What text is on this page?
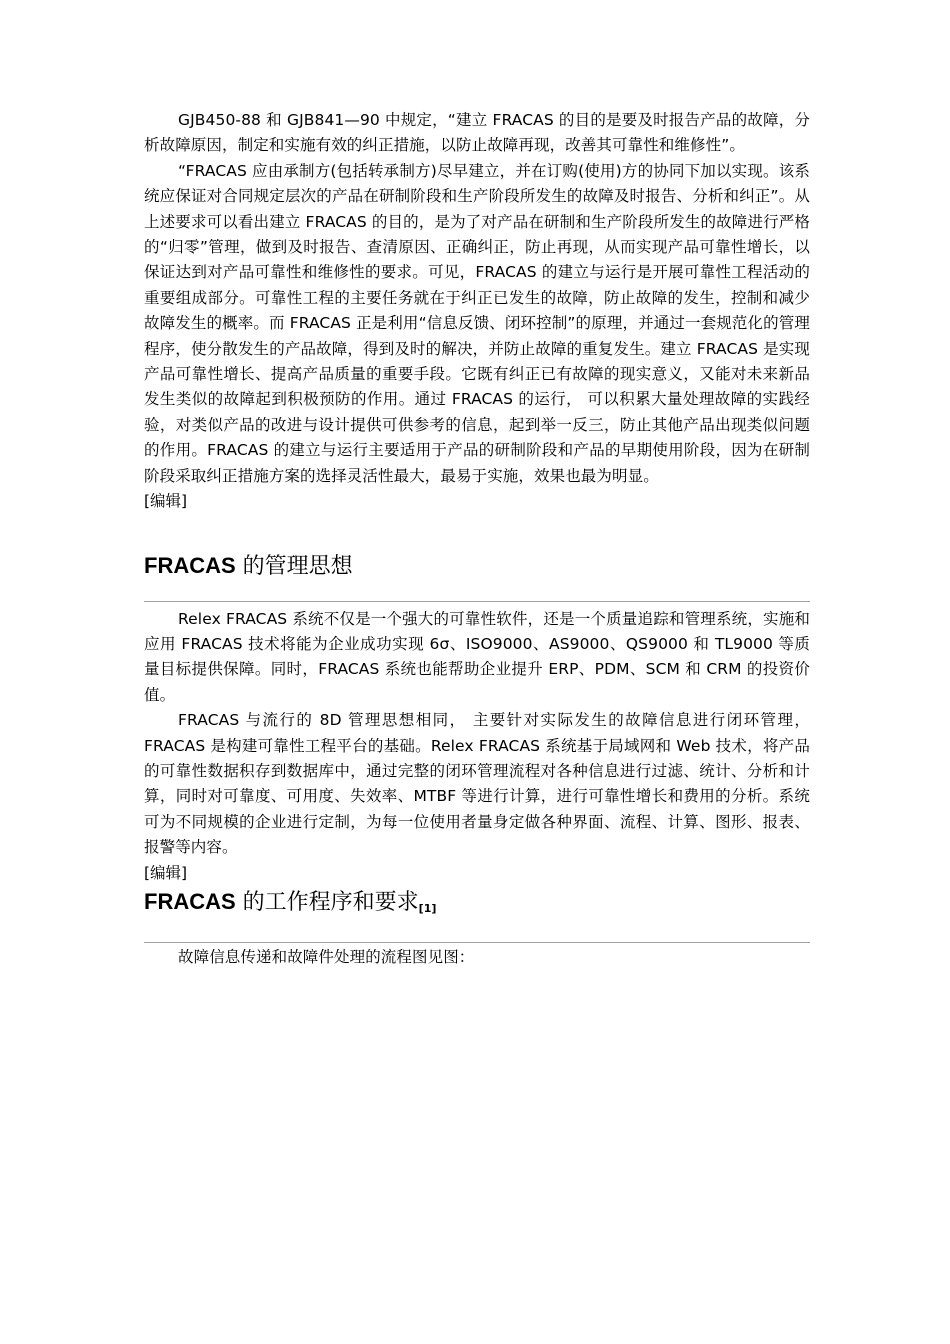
GJB450-88 和 GJB841—90 中规定，“建立 FRACAS 的目的是要及时报告产品的故障，分析故障原因，制定和实施有效的纠正措施，以防止故障再现，改善其可靠性和维修性”。

“FRACAS 应由承制方(包括转承制方)尽早建立，并在订购(使用)方的协同下加以实现。该系统应保证对合同规定层次的产品在研制阶段和生产阶段所发生的故障及时报告、分析和纠正”。从上述要求可以看出建立 FRACAS 的目的，是为了对产品在研制和生产阶段所发生的故障进行严格的“归零”管理，做到及时报告、查清原因、正确纠正，防止再现，从而实现产品可靠性增长，以保证达到对产品可靠性和维修性的要求。可见，FRACAS 的建立与运行是开展可靠性工程活动的重要组成部分。可靠性工程的主要任务就在于纠正已发生的故障，防止故障的发生，控制和减少故障发生的概率。而 FRACAS 正是利用“信息反馈、闭环控制”的原理，并通过一套规范化的管理程序，使分散发生的产品故障，得到及时的解决，并防止故障的重复发生。建立 FRACAS 是实现产品可靠性增长、提高产品质量的重要手段。它既有纠正已有故障的现实意义，又能对未来新品发生类似的故障起到积极预防的作用。通过 FRACAS 的运行， 可以积累大量处理故障的实践经验，对类似产品的改进与设计提供可供参考的信息，起到举一反三，防止其他产品出现类似问题的作用。FRACAS 的建立与运行主要适用于产品的研制阶段和产品的早期使用阶段，因为在研制阶段采取纠正措施方案的选择灵活性最大，最易于实施，效果也最为明显。

[编辑]
FRACAS 的管理思想

Relex FRACAS 系统不仅是一个强大的可靠性软件，还是一个质量追踪和管理系统，实施和应用 FRACAS 技术将能为企业成功实现 6σ、ISO9000、AS9000、QS9000 和 TL9000 等质量目标提供保障。同时，FRACAS 系统也能帮助企业提升 ERP、PDM、SCM 和 CRM 的投资价值。

FRACAS 与流行的 8D 管理思想相同， 主要针对实际发生的故障信息进行闭环管理，FRACAS 是构建可靠性工程平台的基础。Relex FRACAS 系统基于局域网和 Web 技术，将产品的可靠性数据积存到数据库中，通过完整的闭环管理流程对各种信息进行过滤、统计、分析和计算，同时对可靠度、可用度、失效率、MTBF 等进行计算，进行可靠性增长和费用的分析。系统可为不同规模的企业进行定制，为每一位使用者量身定做各种界面、流程、计算、图形、报表、报警等内容。

[编辑]
FRACAS 的工作程序和要求$_{[1]}$

故障信息传递和故障件处理的流程图见图：
